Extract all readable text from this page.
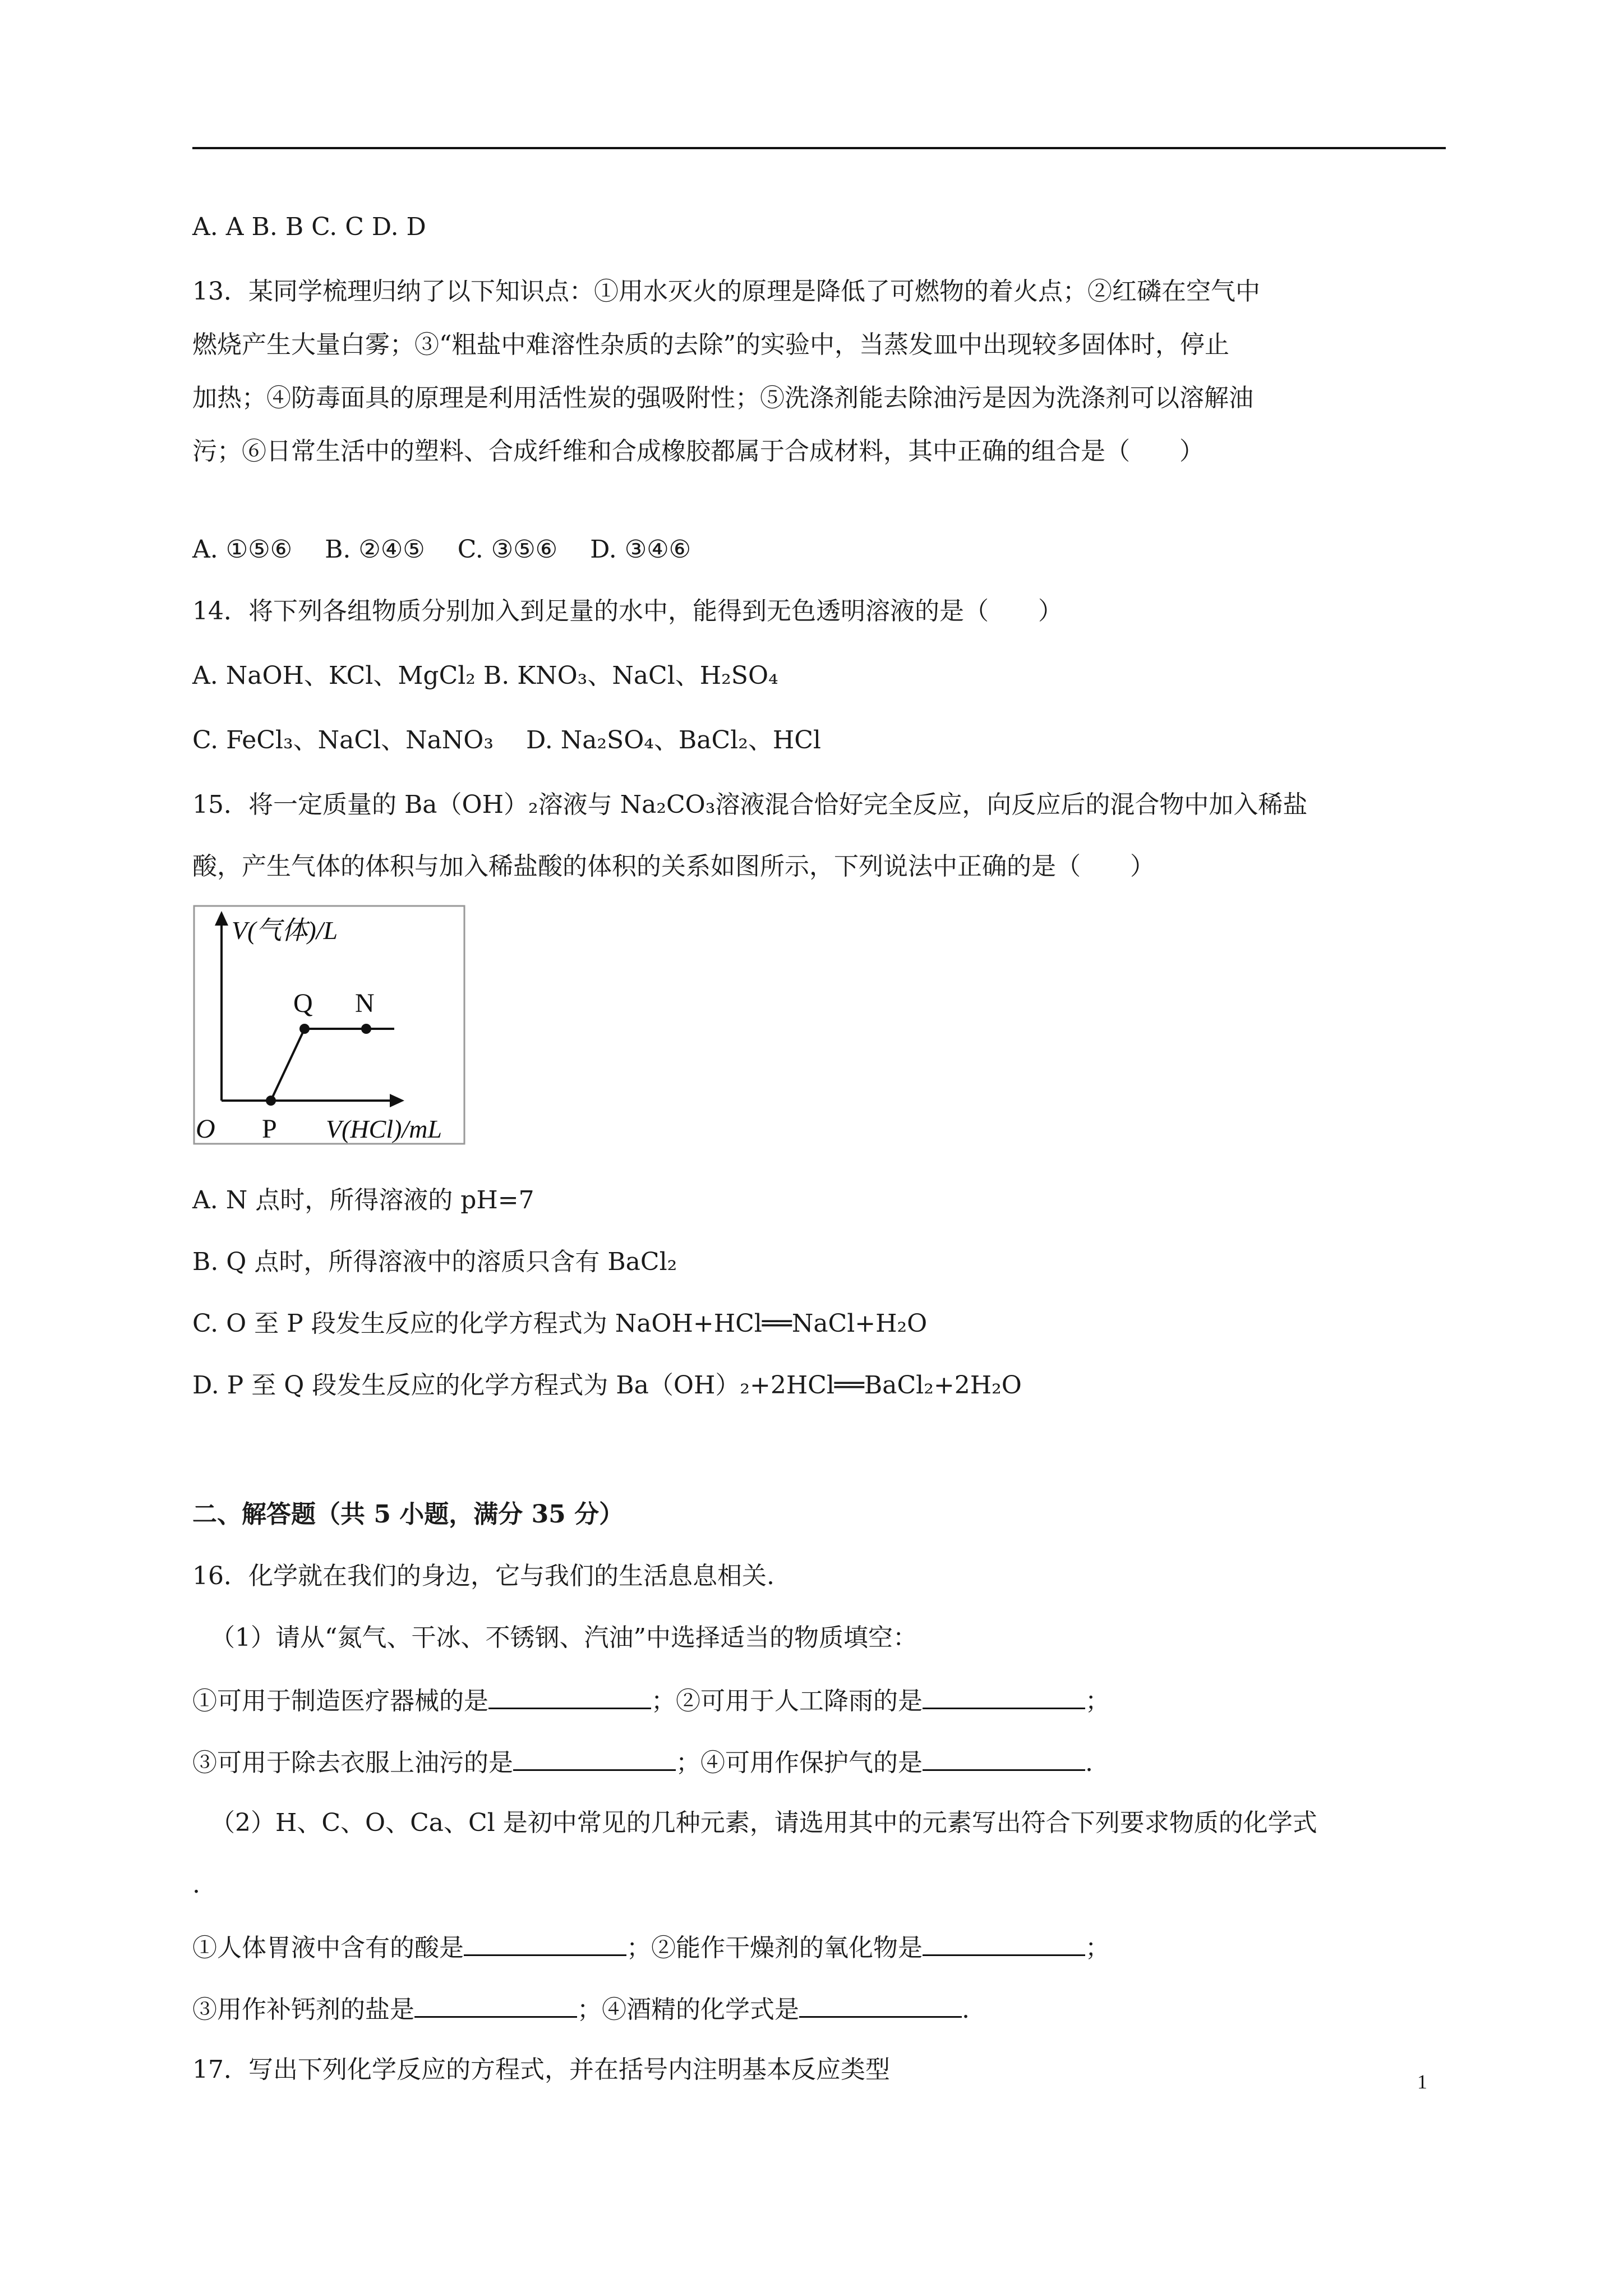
A. A B. B C. C D. D
13．某同学梳理归纳了以下知识点：①用水灭火的原理是降低了可燃物的着火点；②红磷在空气中
燃烧产生大量白雾；③“粗盐中难溶性杂质的去除”的实验中，当蒸发皿中出现较多固体时，停止
加热；④防毒面具的原理是利用活性炭的强吸附性；⑤洗涤剂能去除油污是因为洗涤剂可以溶解油
污；⑥日常生活中的塑料、合成纤维和合成橡胶都属于合成材料，其中正确的组合是（　　）
A. ①⑤⑥　 B. ②④⑤　 C. ③⑤⑥　 D. ③④⑥
14．将下列各组物质分别加入到足量的水中，能得到无色透明溶液的是（　　）
A. NaOH、KCl、MgCl₂ B. KNO₃、NaCl、H₂SO₄
C. FeCl₃、NaCl、NaNO₃　 D. Na₂SO₄、BaCl₂、HCl
15．将一定质量的 Ba（OH）₂溶液与 Na₂CO₃溶液混合恰好完全反应，向反应后的混合物中加入稀盐
酸，产生气体的体积与加入稀盐酸的体积的关系如图所示，下列说法中正确的是（　　）
V(气体)/L
Q N
O P V(HCl)/mL
A. N 点时，所得溶液的 pH=7
B. Q 点时，所得溶液中的溶质只含有 BaCl₂
C. O 至 P 段发生反应的化学方程式为 NaOH+HCl══NaCl+H₂O
D. P 至 Q 段发生反应的化学方程式为 Ba（OH）₂+2HCl══BaCl₂+2H₂O
二、解答题（共 5 小题，满分 35 分）
16．化学就在我们的身边，它与我们的生活息息相关.
（1）请从“氮气、干冰、不锈钢、汽油”中选择适当的物质填空：
①可用于制造医疗器械的是	；②可用于人工降雨的是	；
③可用于除去衣服上油污的是	；④可用作保护气的是	.
（2）H、C、O、Ca、Cl 是初中常见的几种元素，请选用其中的元素写出符合下列要求物质的化学式
.
①人体胃液中含有的酸是	；②能作干燥剂的氧化物是	；
③用作补钙剂的盐是	；④酒精的化学式是	.
17．写出下列化学反应的方程式，并在括号内注明基本反应类型	1
